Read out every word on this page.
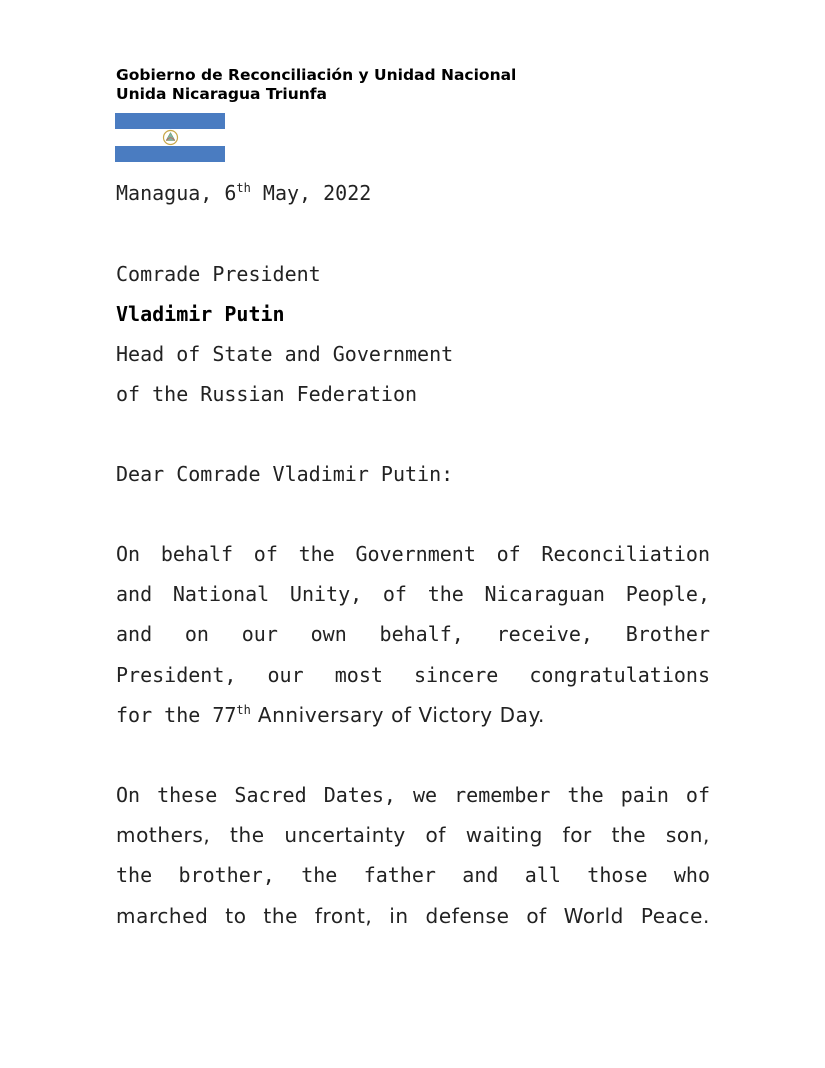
Gobierno de Reconciliación y Unidad Nacional
Unida Nicaragua Triunfa
Managua, 6th May, 2022
Comrade President
Vladimir Putin
Head of State and Government
of the Russian Federation
Dear Comrade Vladimir Putin:
On behalf of the Government of Reconciliation
and National Unity, of the Nicaraguan People,
and on our own behalf, receive, Brother
President, our most sincere congratulations
for the 77th Anniversary of Victory Day.
On these Sacred Dates, we remember the pain of
mothers, the uncertainty of waiting for the son,
the brother, the father and all those who
marched to the front, in defense of World Peace.
